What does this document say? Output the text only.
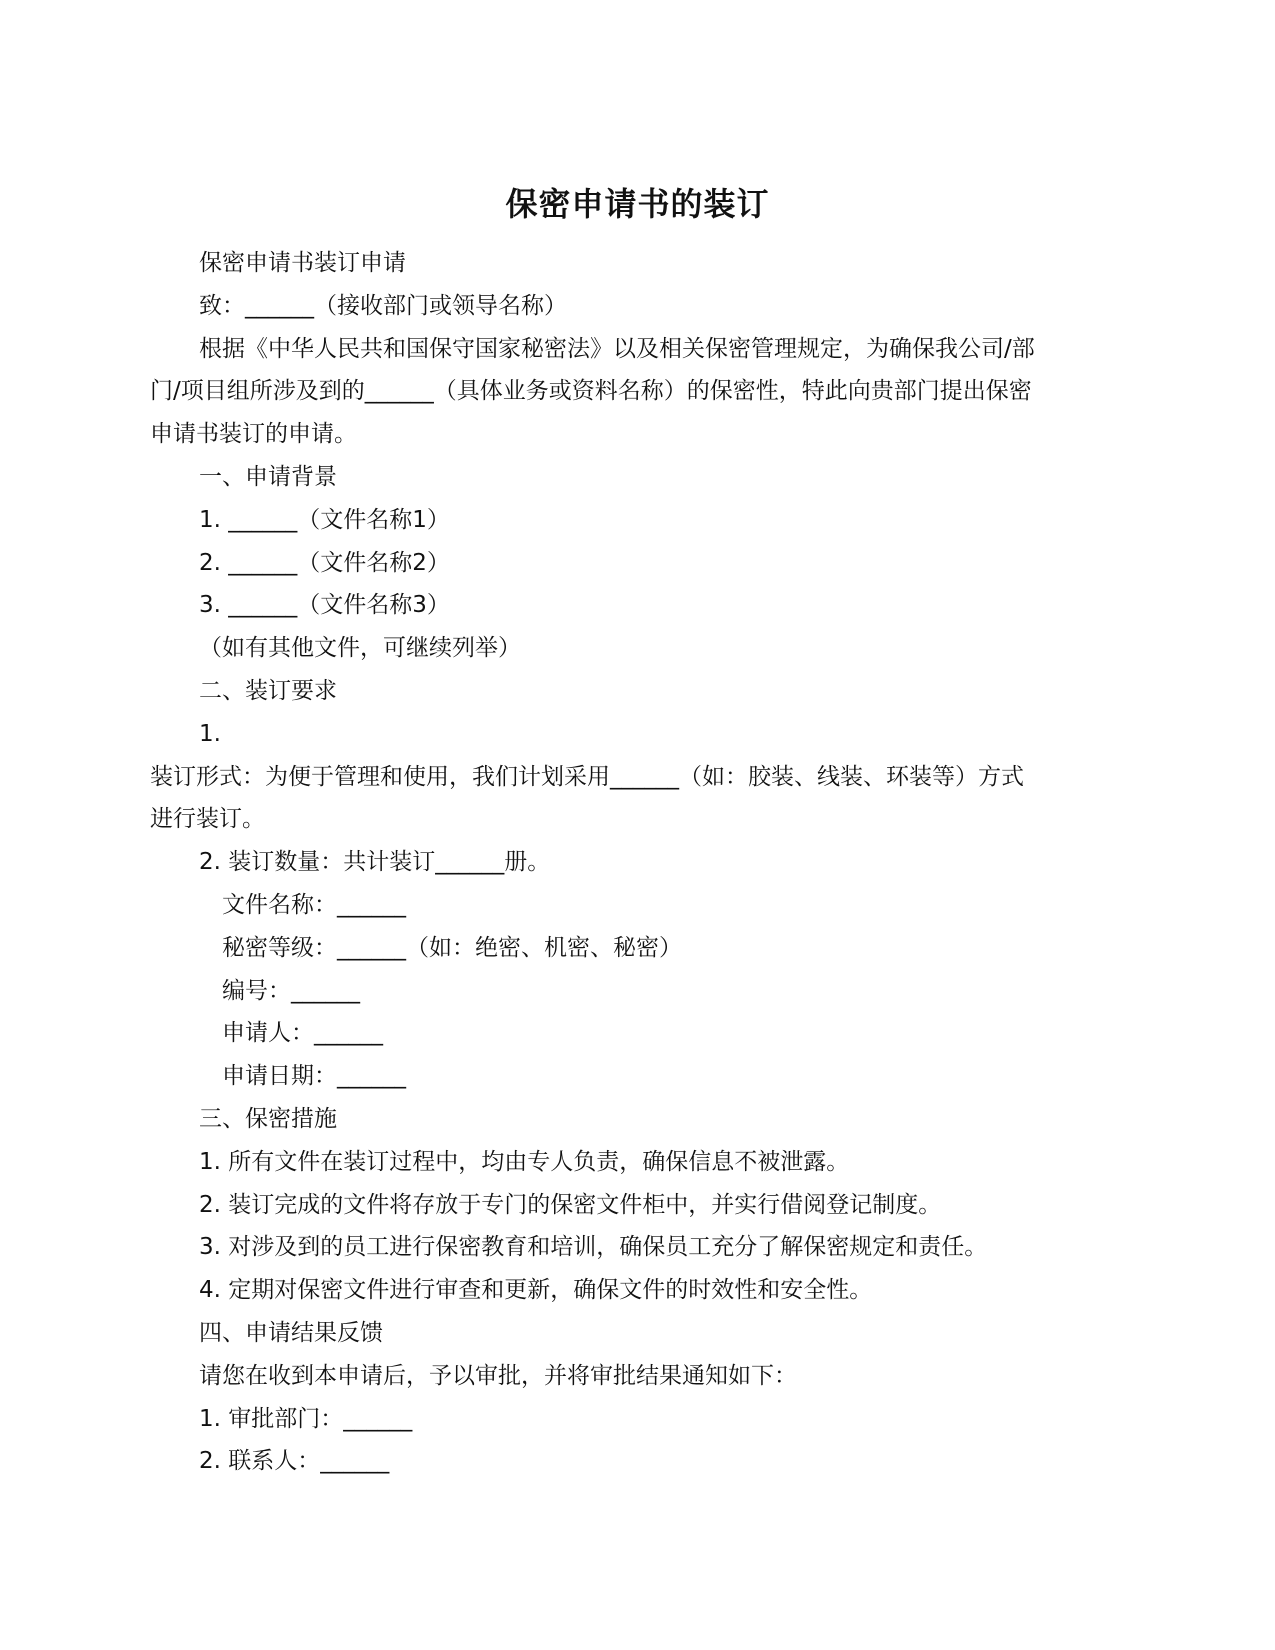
保密申请书的装订

保密申请书装订申请

致：______（接收部门或领导名称）

根据《中华人民共和国保守国家秘密法》以及相关保密管理规定，为确保我公司/部

门/项目组所涉及到的______（具体业务或资料名称）的保密性，特此向贵部门提出保密

申请书装订的申请。

一、申请背景

1. ______（文件名称1）

2. ______（文件名称2）

3. ______（文件名称3）

（如有其他文件，可继续列举）

二、装订要求

1.

装订形式：为便于管理和使用，我们计划采用______（如：胶装、线装、环装等）方式

进行装订。

2. 装订数量：共计装订______册。

文件名称：______

秘密等级：______（如：绝密、机密、秘密）

编号：______

申请人：______

申请日期：______

三、保密措施

1. 所有文件在装订过程中，均由专人负责，确保信息不被泄露。

2. 装订完成的文件将存放于专门的保密文件柜中，并实行借阅登记制度。

3. 对涉及到的员工进行保密教育和培训，确保员工充分了解保密规定和责任。

4. 定期对保密文件进行审查和更新，确保文件的时效性和安全性。

四、申请结果反馈

请您在收到本申请后，予以审批，并将审批结果通知如下：

1. 审批部门：______

2. 联系人：______
